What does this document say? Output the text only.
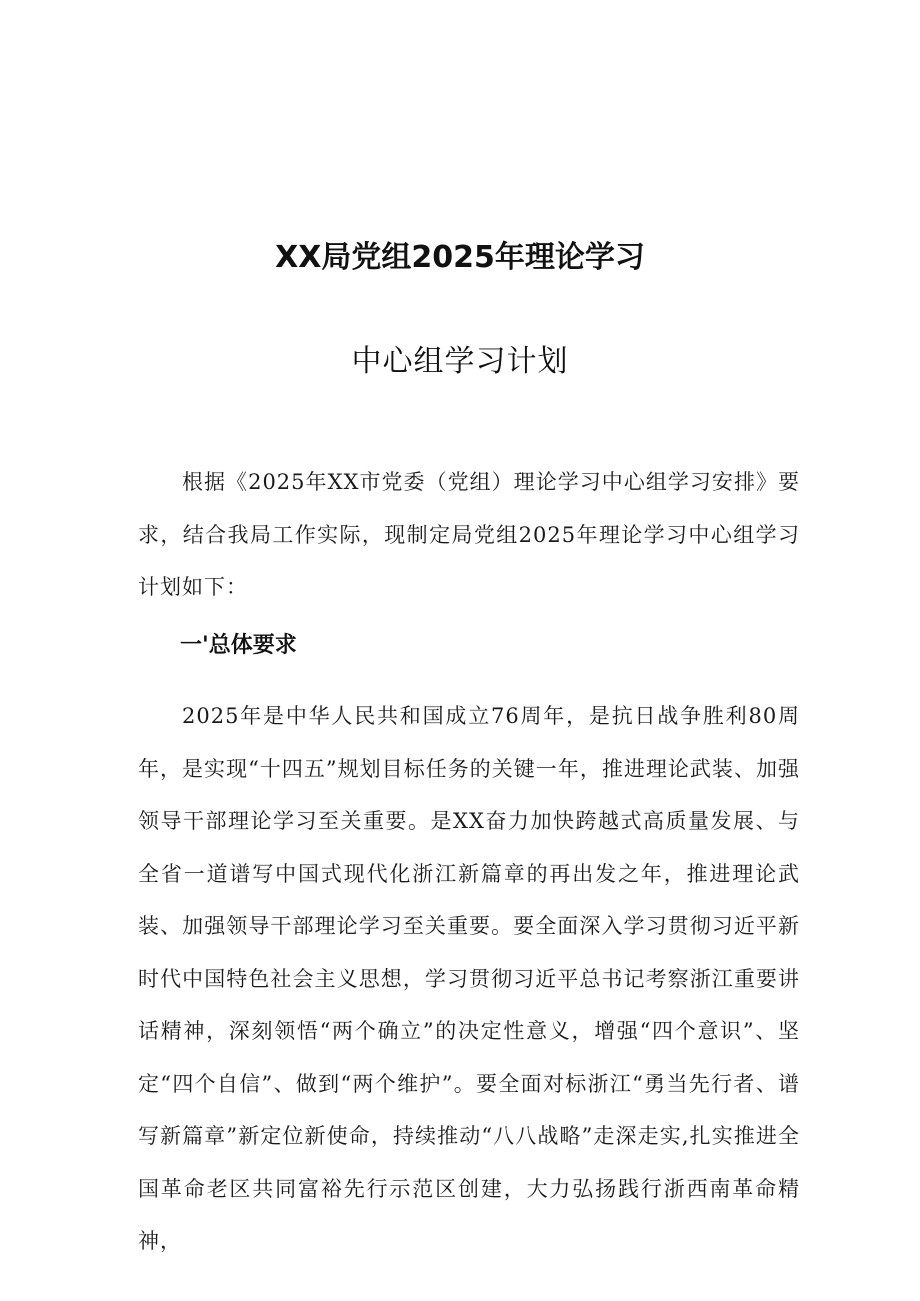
XX局党组2025年理论学习
中心组学习计划

根据《2025年XX市党委（党组）理论学习中心组学习安排》要求，结合我局工作实际，现制定局党组2025年理论学习中心组学习计划如下：

一'总体要求

2025年是中华人民共和国成立76周年，是抗日战争胜利80周年，是实现“十四五”规划目标任务的关键一年，推进理论武装、加强领导干部理论学习至关重要。是XX奋力加快跨越式高质量发展、与全省一道谱写中国式现代化浙江新篇章的再出发之年，推进理论武装、加强领导干部理论学习至关重要。要全面深入学习贯彻习近平新时代中国特色社会主义思想，学习贯彻习近平总书记考察浙江重要讲话精神，深刻领悟“两个确立”的决定性意义，增强“四个意识”、坚定“四个自信”、做到“两个维护”。要全面对标浙江“勇当先行者、谱写新篇章”新定位新使命，持续推动“八八战略”走深走实,扎实推进全国革命老区共同富裕先行示范区创建，大力弘扬践行浙西南革命精神，
